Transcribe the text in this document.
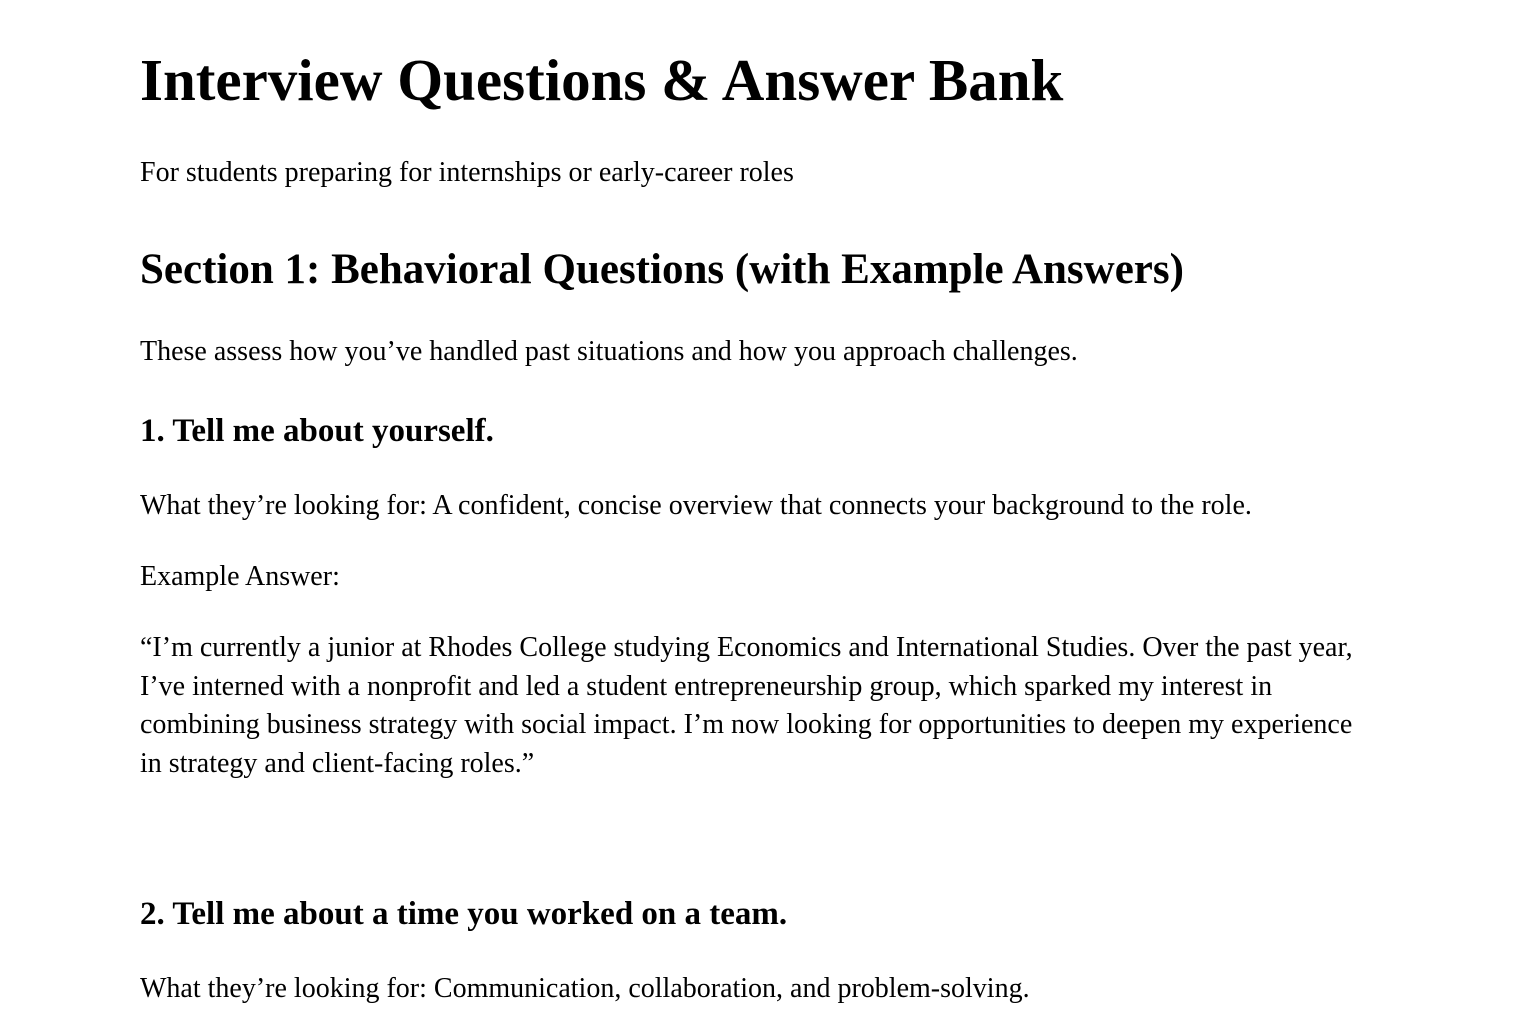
Interview Questions & Answer Bank

For students preparing for internships or early-career roles

Section 1: Behavioral Questions (with Example Answers)

These assess how you’ve handled past situations and how you approach challenges.

1. Tell me about yourself.

What they’re looking for: A confident, concise overview that connects your background to the role.

Example Answer:

“I’m currently a junior at Rhodes College studying Economics and International Studies. Over the past year, I’ve interned with a nonprofit and led a student entrepreneurship group, which sparked my interest in combining business strategy with social impact. I’m now looking for opportunities to deepen my experience in strategy and client-facing roles.”

2. Tell me about a time you worked on a team.

What they’re looking for: Communication, collaboration, and problem-solving.
